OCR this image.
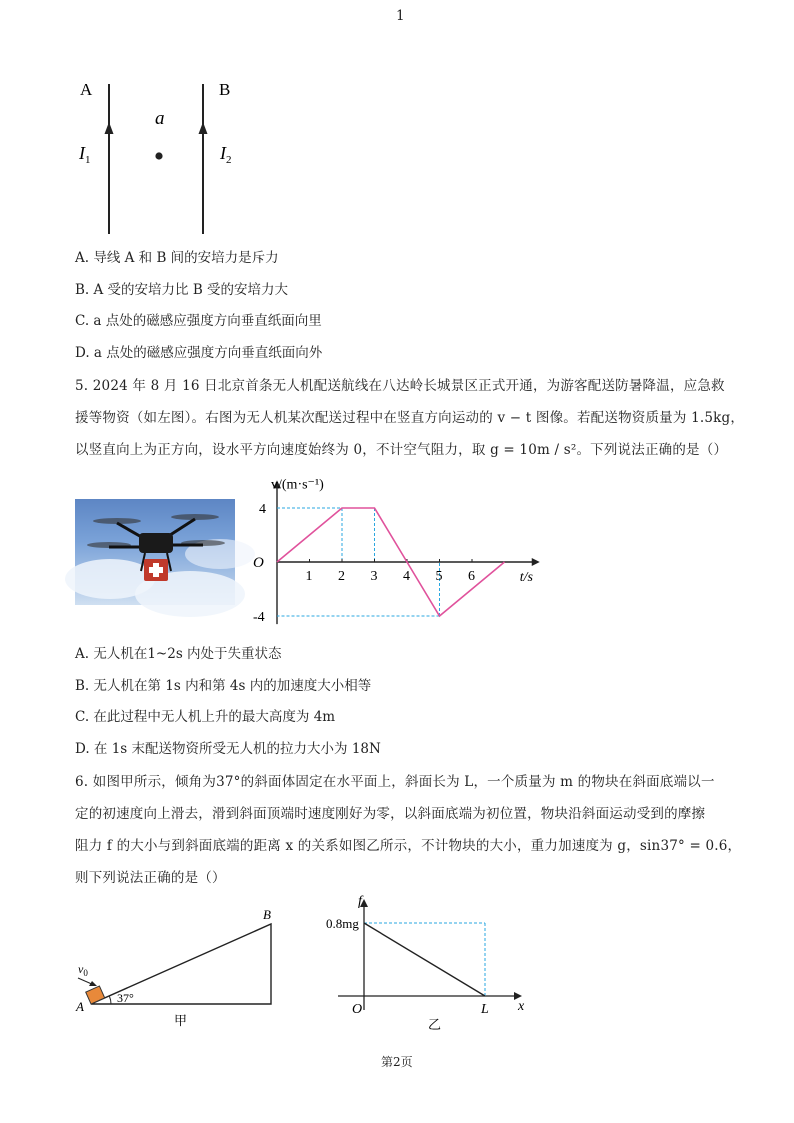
1
A	B
a
$I_1$	$I_2$
A. 导线 A 和 B 间的安培力是斥力
B. A 受的安培力比 B 受的安培力大
C. a 点处的磁感应强度方向垂直纸面向里
D. a 点处的磁感应强度方向垂直纸面向外
5. 2024 年 8 月 16 日北京首条无人机配送航线在八达岭长城景区正式开通，为游客配送防暑降温，应急救
援等物资（如左图）。右图为无人机某次配送过程中在竖直方向运动的 v − t 图像。若配送物资质量为 1.5kg，
以竖直向上为正方向，设水平方向速度始终为 0，不计空气阻力，取 g = 10m / s²。下列说法正确的是（）
1 2 3 4 5 6
4
-4
O
v/(m·s⁻¹)
t/s
A. 无人机在1~2s 内处于失重状态
B. 无人机在第 1s 内和第 4s 内的加速度大小相等
C. 在此过程中无人机上升的最大高度为 4m
D. 在 1s 末配送物资所受无人机的拉力大小为 18N
6. 如图甲所示，倾角为37°的斜面体固定在水平面上，斜面长为 L，一个质量为 m 的物块在斜面底端以一
定的初速度向上滑去，滑到斜面顶端时速度刚好为零，以斜面底端为初位置，物块沿斜面运动受到的摩擦
阻力 f 的大小与到斜面底端的距离 x 的关系如图乙所示，不计物块的大小，重力加速度为 g，sin37° = 0.6，
则下列说法正确的是（）
A
B
$v_0$
37°
甲
f
x
0.8mg
L
O
乙
第2页
